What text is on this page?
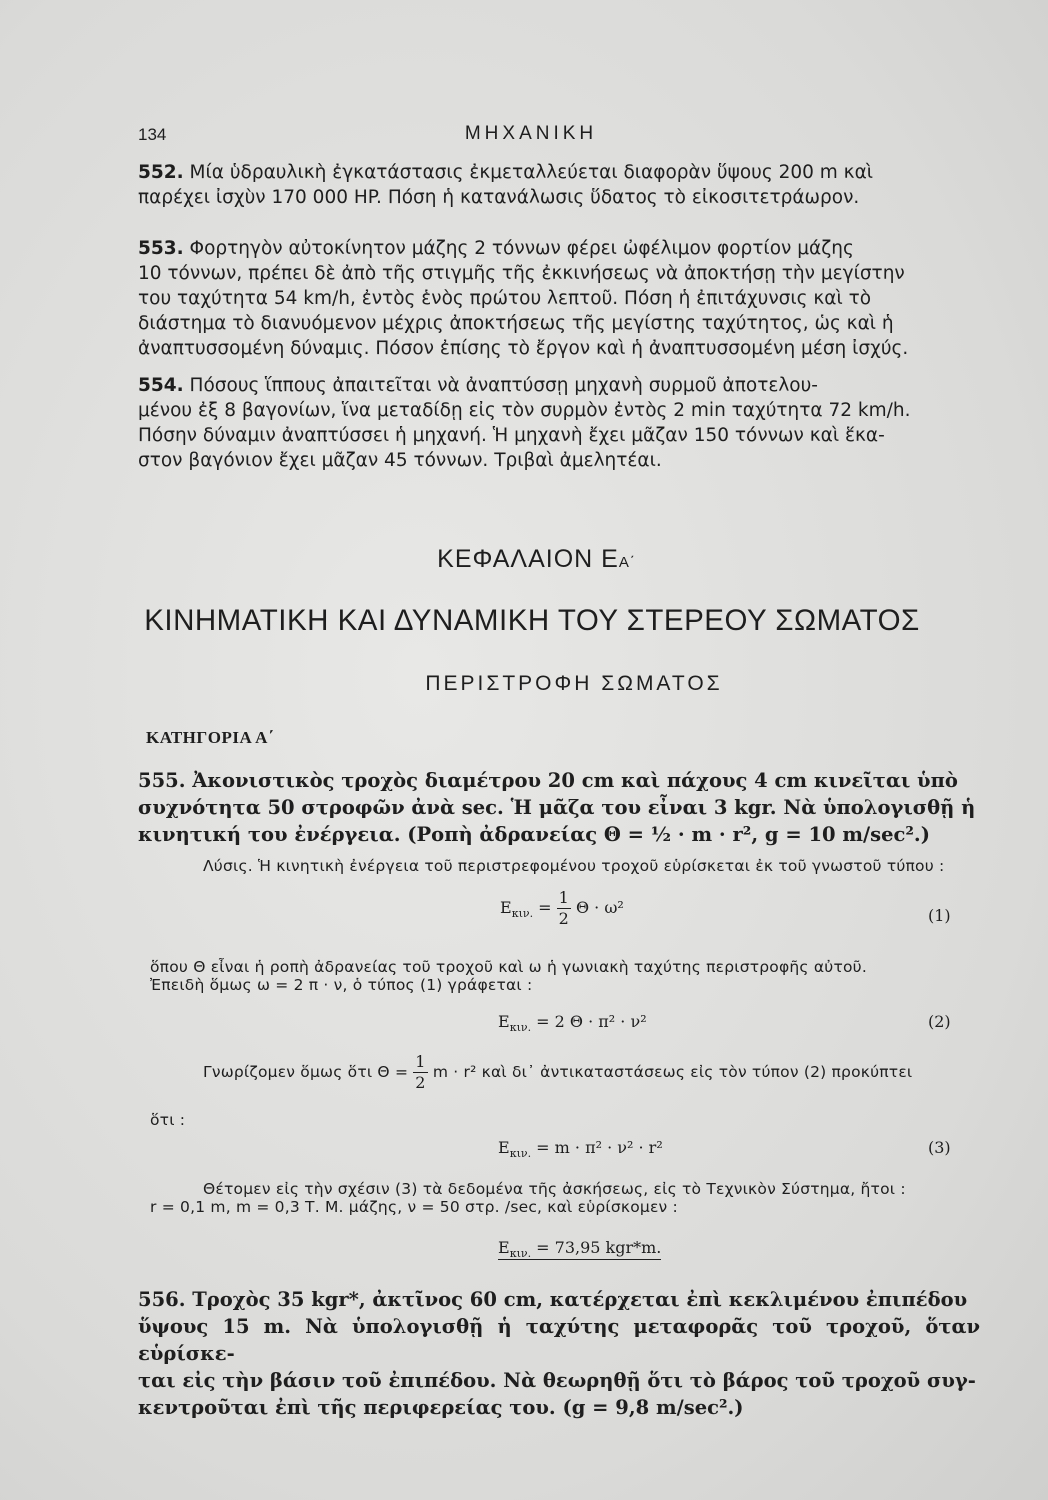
134	ΜΗΧΑΝΙΚΗ
552. Μία ὑδραυλικὴ ἐγκατάστασις ἐκμεταλλεύεται διαφορὰν ὕψους 200 m καὶ
παρέχει ἰσχὺν 170 000 HP. Πόση ἡ κατανάλωσις ὕδατος τὸ εἰκοσιτετράωρον.
553. Φορτηγὸν αὐτοκίνητον μάζης 2 τόννων φέρει ὠφέλιμον φορτίον μάζης
10 τόννων, πρέπει δὲ ἀπὸ τῆς στιγμῆς τῆς ἐκκινήσεως νὰ ἀποκτήσῃ τὴν μεγίστην
του ταχύτητα 54 km/h, ἐντὸς ἑνὸς πρώτου λεπτοῦ. Πόση ἡ ἐπιτάχυνσις καὶ τὸ
διάστημα τὸ διανυόμενον μέχρις ἀποκτήσεως τῆς μεγίστης ταχύτητος, ὡς καὶ ἡ
ἀναπτυσσομένη δύναμις. Πόσον ἐπίσης τὸ ἔργον καὶ ἡ ἀναπτυσσομένη μέση ἰσχύς.
554. Πόσους ἵππους ἀπαιτεῖται νὰ ἀναπτύσσῃ μηχανὴ συρμοῦ ἀποτελου-
μένου ἐξ 8 βαγονίων, ἵνα μεταδίδῃ εἰς τὸν συρμὸν ἐντὸς 2 min ταχύτητα 72 km/h.
Πόσην δύναμιν ἀναπτύσσει ἡ μηχανή. Ἡ μηχανὴ ἔχει μᾶζαν 150 τόννων καὶ ἕκα-
στον βαγόνιον ἔχει μᾶζαν 45 τόννων. Τριβαὶ ἀμελητέαι.
ΚΕΦΑΛΑΙΟΝ ΕΑ΄
ΚΙΝΗΜΑΤΙΚΗ ΚΑΙ ΔΥΝΑΜΙΚΗ ΤΟΥ ΣΤΕΡΕΟΥ ΣΩΜΑΤΟΣ
ΠΕΡΙΣΤΡΟΦΗ ΣΩΜΑΤΟΣ
ΚΑΤΗΓΟΡΙΑ Α΄
555. Ἀκονιστικὸς τροχὸς διαμέτρου 20 cm καὶ πάχους 4 cm κινεῖται ὑπὸ
συχνότητα 50 στροφῶν ἀνὰ sec. Ἡ μᾶζα του εἶναι 3 kgr. Νὰ ὑπολογισθῇ ἡ
κινητική του ἐνέργεια. (Ροπὴ ἀδρανείας Θ = ½ · m · r², g = 10 m/sec².)
Λύσις. Ἡ κινητικὴ ἐνέργεια τοῦ περιστρεφομένου τροχοῦ εὑρίσκεται ἐκ τοῦ γνωστοῦ τύπου :
$E_{\kappa\iota\nu.} = \frac{1}{2}$ Θ · ω²	(1)
ὅπου Θ εἶναι ἡ ροπὴ ἀδρανείας τοῦ τροχοῦ καὶ ω ἡ γωνιακὴ ταχύτης περιστροφῆς αὐτοῦ.
Ἐπειδὴ ὅμως ω = 2 π · ν, ὁ τύπος (1) γράφεται :
$E_{\kappa\iota\nu.} = 2$ Θ · π² · ν²	(2)
Γνωρίζομεν ὅμως ὅτι $\Theta = \frac{1}{2}$ m · r² καὶ δι᾿ ἀντικαταστάσεως εἰς τὸν τύπον (2) προκύπτει
ὅτι :
$E_{\kappa\iota\nu.} = m \cdot \pi^2 \cdot \nu^2 \cdot r^2$	(3)
Θέτομεν εἰς τὴν σχέσιν (3) τὰ δεδομένα τῆς ἀσκήσεως, εἰς τὸ Τεχνικὸν Σύστημα, ἤτοι :
r = 0,1 m, m = 0,3 Τ. Μ. μάζης, ν = 50 στρ. /sec, καὶ εὑρίσκομεν :
$E_{\kappa\iota\nu.} = 73,95$ kgr*m.
556. Τροχὸς 35 kgr*, ἀκτῖνος 60 cm, κατέρχεται ἐπὶ κεκλιμένου ἐπιπέδου
ὕψους 15 m. Νὰ ὑπολογισθῇ ἡ ταχύτης μεταφορᾶς τοῦ τροχοῦ, ὅταν εὑρίσκε-
ται εἰς τὴν βάσιν τοῦ ἐπιπέδου. Νὰ θεωρηθῇ ὅτι τὸ βάρος τοῦ τροχοῦ συγ-
κεντροῦται ἐπὶ τῆς περιφερείας του. (g = 9,8 m/sec².)
